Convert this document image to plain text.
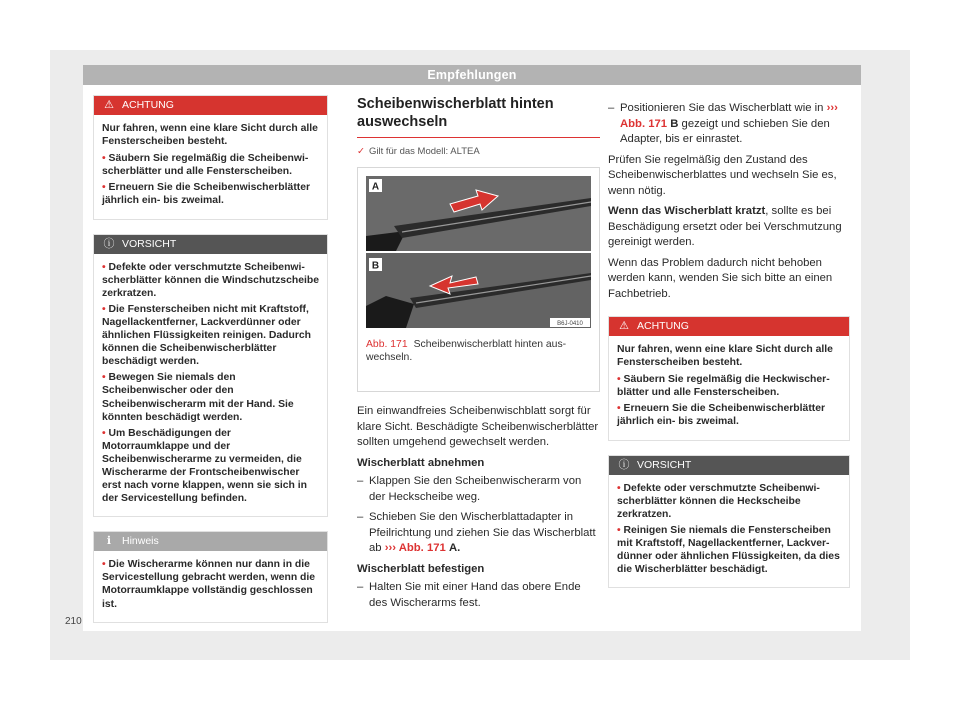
Empfehlungen
⚠ ACHTUNG

Nur fahren, wenn eine klare Sicht durch alle Fensterscheiben besteht.

• Säubern Sie regelmäßig die Scheibenwischerblätter und alle Fensterscheiben.

• Erneuern Sie die Scheibenwischerblätter jährlich ein- bis zweimal.

ⓘ VORSICHT

• Defekte oder verschmutzte Scheibenwischerblätter können die Windschutzscheibe zerkratzen.

• Die Fensterscheiben nicht mit Kraftstoff, Nagellackentferner, Lackverdünner oder ähnlichen Flüssigkeiten reinigen. Dadurch können die Scheibenwischerblätter beschädigt werden.

• Bewegen Sie niemals den Scheibenwischer oder den Scheibenwischerarm mit der Hand. Sie könnten beschädigt werden.

• Um Beschädigungen der Motorraumklappe und der Scheibenwischerarme zu vermeiden, die Wischerarme der Frontscheibenwischer erst nach vorne klappen, wenn sie sich in der Servicestellung befinden.

ℹ Hinweis

• Die Wischerarme können nur dann in die Servicestellung gebracht werden, wenn die Motorraumklappe vollständig geschlossen ist.

Scheibenwischerblatt hinten auswechseln
✓ Gilt für das Modell: ALTEA
A
B
B6J-0410
Abb. 171 Scheibenwischerblatt hinten auswechseln.

Ein einwandfreies Scheibenwischblatt sorgt für klare Sicht. Beschädigte Scheibenwischerblätter sollten umgehend gewechselt werden.

Wischerblatt abnehmen

– Klappen Sie den Scheibenwischerarm von der Heckscheibe weg.
– Schieben Sie den Wischerblattadapter in Pfeilrichtung und ziehen Sie das Wischerblatt ab ››› Abb. 171 A.

Wischerblatt befestigen

– Halten Sie mit einer Hand das obere Ende des Wischerarms fest.
– Positionieren Sie das Wischerblatt wie in ››› Abb. 171 B gezeigt und schieben Sie den Adapter, bis er einrastet.

Prüfen Sie regelmäßig den Zustand des Scheibenwischerblattes und wechseln Sie es, wenn nötig.

Wenn das Wischerblatt kratzt, sollte es bei Beschädigung ersetzt oder bei Verschmutzung gereinigt werden.

Wenn das Problem dadurch nicht behoben werden kann, wenden Sie sich bitte an einen Fachbetrieb.

⚠ ACHTUNG

Nur fahren, wenn eine klare Sicht durch alle Fensterscheiben besteht.

• Säubern Sie regelmäßig die Heckwischerblätter und alle Fensterscheiben.

• Erneuern Sie die Scheibenwischerblätter jährlich ein- bis zweimal.

ⓘ VORSICHT

• Defekte oder verschmutzte Scheibenwischerblätter können die Heckscheibe zerkratzen.

• Reinigen Sie niemals die Fensterscheiben mit Kraftstoff, Nagellackentferner, Lackverdünner oder ähnlichen Flüssigkeiten, da dies die Wischerblätter beschädigt.

210
